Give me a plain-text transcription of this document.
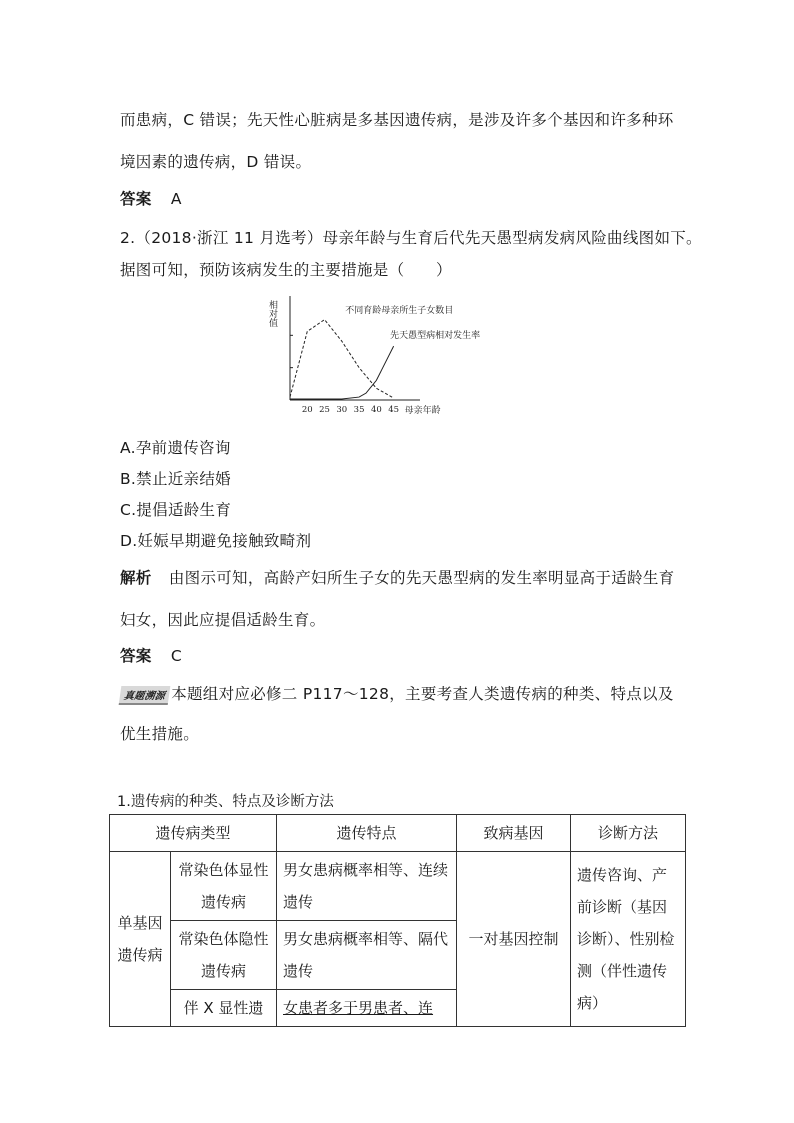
而患病，C 错误；先天性心脏病是多基因遗传病，是涉及许多个基因和许多种环
境因素的遗传病，D 错误。
答案 A
2.（2018·浙江 11 月选考）母亲年龄与生育后代先天愚型病发病风险曲线图如下。
据图可知，预防该病发生的主要措施是（　　）
相对值
20 25 30 35 40 45 母亲年龄
不同育龄母亲所生子女数目
先天愚型病相对发生率
A.孕前遗传咨询
B.禁止近亲结婚
C.提倡适龄生育
D.妊娠早期避免接触致畸剂
解析 由图示可知，高龄产妇所生子女的先天愚型病的发生率明显高于适龄生育
妇女，因此应提倡适龄生育。
答案 C
真题溯源 本题组对应必修二 P117～128，主要考查人类遗传病的种类、特点以及
优生措施。
1.遗传病的种类、特点及诊断方法
遗传病类型		遗传特点	致病基因	诊断方法
单基因遗传病	常染色体显性遗传病	男女患病概率相等、连续遗传	一对基因控制	遗传咨询、产前诊断（基因诊断）、性别检测（伴性遗传病）
	常染色体隐性遗传病	男女患病概率相等、隔代遗传		
	伴 X 显性遗	女患者多于男患者、连		
